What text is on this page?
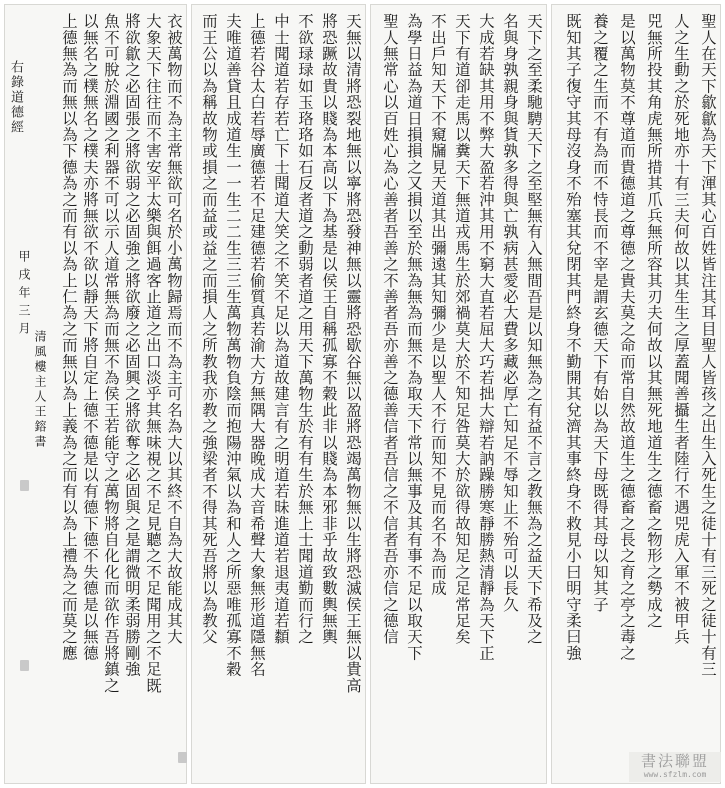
衣被萬物而不為主常無欲可名於小萬物歸焉而不為主可名為大以其終不自為大故能成其大
大象天下往往而不害安平太樂與餌過客止道之出口淡乎其無味視之不足見聽之不足聞用之不足既
將欲歙之必固張之將欲弱之必固強之將欲廢之必固興之將欲奪之必固與之是謂微明柔弱勝剛強
魚不可脫於淵國之利器不可以示人道常無為而無不為侯王若能守之萬物將自化化而欲作吾將鎮之
以無名之樸無名之樸夫亦將無欲不欲以靜天下將自定上德不德是以有德下德不失德是以無德
上德無為而無以為下德為之而有以為上仁為之而無以為上義為之而有以為上禮為之而莫之應	天無以清將恐裂地無以寧將恐發神無以靈將恐歇谷無以盈將恐竭萬物無以生將恐滅侯王無以貴高
將恐蹶故貴以賤為本高以下為基是以侯王自稱孤寡不穀此非以賤為本邪非乎故致數輿無輿
不欲琭琭如玉珞珞如石反者道之動弱者道之用天下萬物生於有有生於無上士聞道勤而行之
中士聞道若存若亡下士聞道大笑之不笑不足以為道故建言有之明道若昧進道若退夷道若纇
上德若谷太白若辱廣德若不足建德若偷質真若渝大方無隅大器晚成大音希聲大象無形道隱無名
夫唯道善貸且成道生一一生二二生三三生萬物萬物負陰而抱陽沖氣以為和人之所惡唯孤寡不穀
而王公以為稱故物或損之而益或益之而損人之所教我亦教之強梁者不得其死吾將以為教父	天下之至柔馳騁天下之至堅無有入無間吾是以知無為之有益不言之教無為之益天下希及之
名與身孰親身與貨孰多得與亡孰病甚愛必大費多藏必厚亡知足不辱知止不殆可以長久
大成若缺其用不弊大盈若沖其用不窮大直若屈大巧若拙大辯若訥躁勝寒靜勝熱清靜為天下正
天下有道卻走馬以糞天下無道戎馬生於郊禍莫大於不知足咎莫大於欲得故知足之足常足矣
不出戶知天下不窺牖見天道其出彌遠其知彌少是以聖人不行而知不見而名不為而成
為學日益為道日損損之又損以至於無為無為而無不為取天下常以無事及其有事不足以取天下
聖人無常心以百姓心為心善者吾善之不善者吾亦善之德善信者吾信之不信者吾亦信之德信	聖人在天下歙歙為天下渾其心百姓皆注其耳目聖人皆孩之出生入死生之徒十有三死之徒十有三
人之生動之於死地亦十有三夫何故以其生生之厚蓋聞善攝生者陸行不遇兕虎入軍不被甲兵
兕無所投其角虎無所措其爪兵無所容其刃夫何故以其無死地道生之德畜之物形之勢成之
是以萬物莫不尊道而貴德道之尊德之貴夫莫之命而常自然故道生之德畜之長之育之亭之毒之
養之覆之生而不有為而不恃長而不宰是謂玄德天下有始以為天下母既得其母以知其子
既知其子復守其母沒身不殆塞其兌閉其門終身不勤開其兌濟其事終身不救見小曰明守柔曰強
右錄道德經
甲戌年三月
清風樓主人王鎔書
書法聯盟
www.sfzlm.com
